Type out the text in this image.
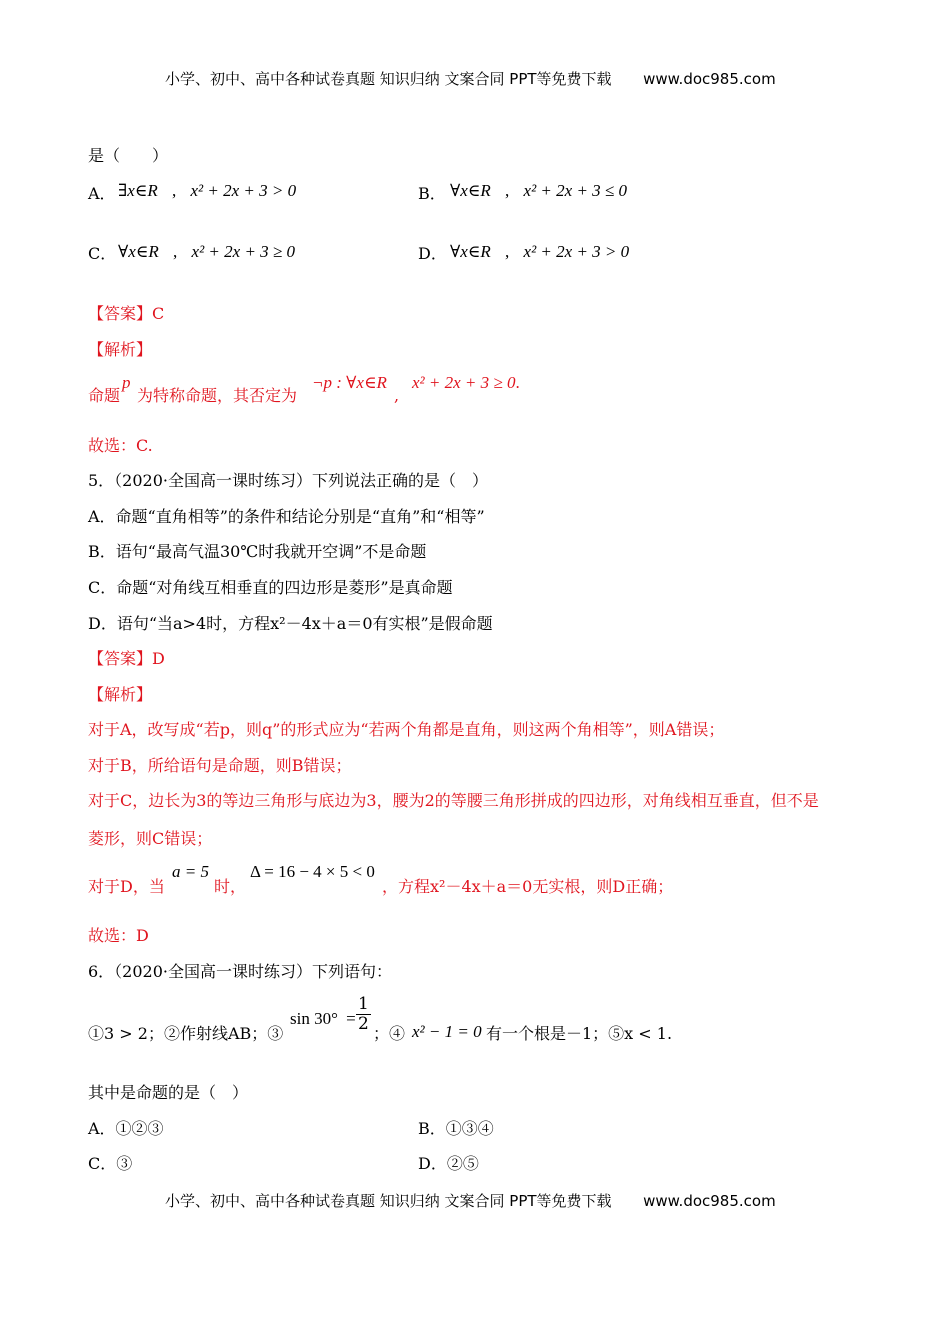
小学、初中、高中各种试卷真题 知识归纳 文案合同 PPT等免费下载 www.doc985.com
是（　　）
A． ∃x∈R , x² + 2x + 3 > 0	B． ∀x∈R , x² + 2x + 3 ≤ 0
C． ∀x∈R , x² + 2x + 3 ≥ 0	D． ∀x∈R , x² + 2x + 3 > 0
【答案】C
【解析】
命题
p
为特称命题，其否定为
¬p : ∀x∈R
,
x² + 2x + 3 ≥ 0.
故选：C.
5．（2020·全国高一课时练习）下列说法正确的是（　）
A．命题“直角相等”的条件和结论分别是“直角”和“相等”
B．语句“最高气温30℃时我就开空调”不是命题
C．命题“对角线互相垂直的四边形是菱形”是真命题
D．语句“当a>4时，方程x²－4x＋a＝0有实根”是假命题
【答案】D
【解析】
对于A，改写成“若p，则q”的形式应为“若两个角都是直角，则这两个角相等”，则A错误；
对于B，所给语句是命题，则B错误；
对于C，边长为3的等边三角形与底边为3，腰为2的等腰三角形拼成的四边形，对角线相互垂直，但不是
菱形，则C错误；
对于D，当
a = 5
时，
Δ = 16 − 4 × 5 < 0
，方程x²－4x＋a＝0无实根，则D正确；
故选：D
6．（2020·全国高一课时练习）下列语句：
①3 > 2；②作射线AB；③
$\sin 30^\circ = \frac{1}{2}$
；④ x² − 1 = 0 有一个根是－1；⑤x < 1.
其中是命题的是（　）
A．①②③	B．①③④
C．③	D．②⑤
小学、初中、高中各种试卷真题 知识归纳 文案合同 PPT等免费下载 www.doc985.com
